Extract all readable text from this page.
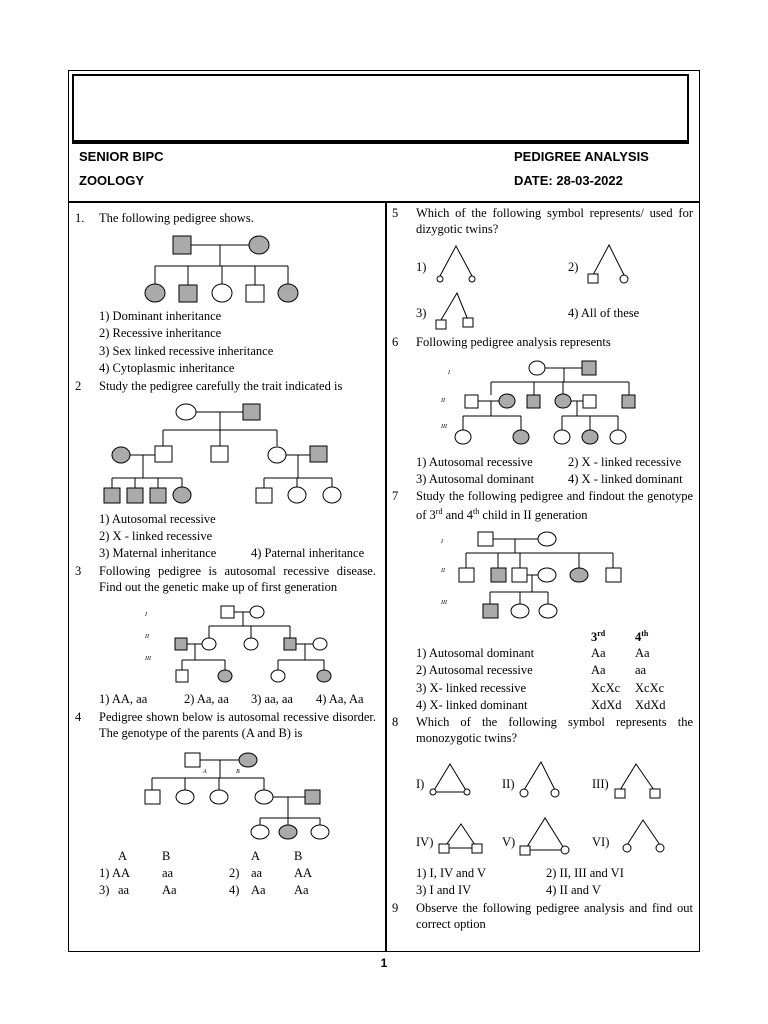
SENIOR BIPC
ZOOLOGY
PEDIGREE ANALYSIS
DATE: 28-03-2022
1. The following pedigree shows.
1) Dominant inheritance
2) Recessive inheritance
3) Sex linked recessive inheritance
4) Cytoplasmic inheritance
2 Study the pedigree carefully the trait indicated is
1) Autosomal recessive
2) X - linked recessive
3) Maternal inheritance	4) Paternal inheritance
3 Following pedigree is autosomal recessive disease. Find out the genetic make up of first generation
I
II
III
1) AA, aa	2) Aa, aa 3) aa, aa 4) Aa, Aa
4 Pedigree shown below is autosomal recessive disorder. The genotype of the parents (A and B) is
A	B
A	B	A	B
1) AA	aa	2) aa	AA
3) aa	Aa	4) Aa Aa
5 Which of the following symbol represents/ used for dizygotic twins?
1)	2)
3)	4) All of these
6 Following pedigree analysis represents
I
II
III
1) Autosomal recessive	2) X - linked recessive
3) Autosomal dominant	4) X - linked dominant
7 Study the following pedigree and findout the genotype of 3rd and 4th child in II generation
I
II
III
3rd 4th
1) Autosomal dominant	Aa Aa
2) Autosomal recessive	Aa aa
3) X- linked recessive	XcXc XcXc
4) X- linked dominant	XdXd XdXd
8 Which of the following symbol represents the monozygotic twins?
I)	II)	III)
IV)	V)	VI)
1) I, IV and V	2) II, III and VI
3) I and IV	4) II and V
9 Observe the following pedigree analysis and find out correct option
1
